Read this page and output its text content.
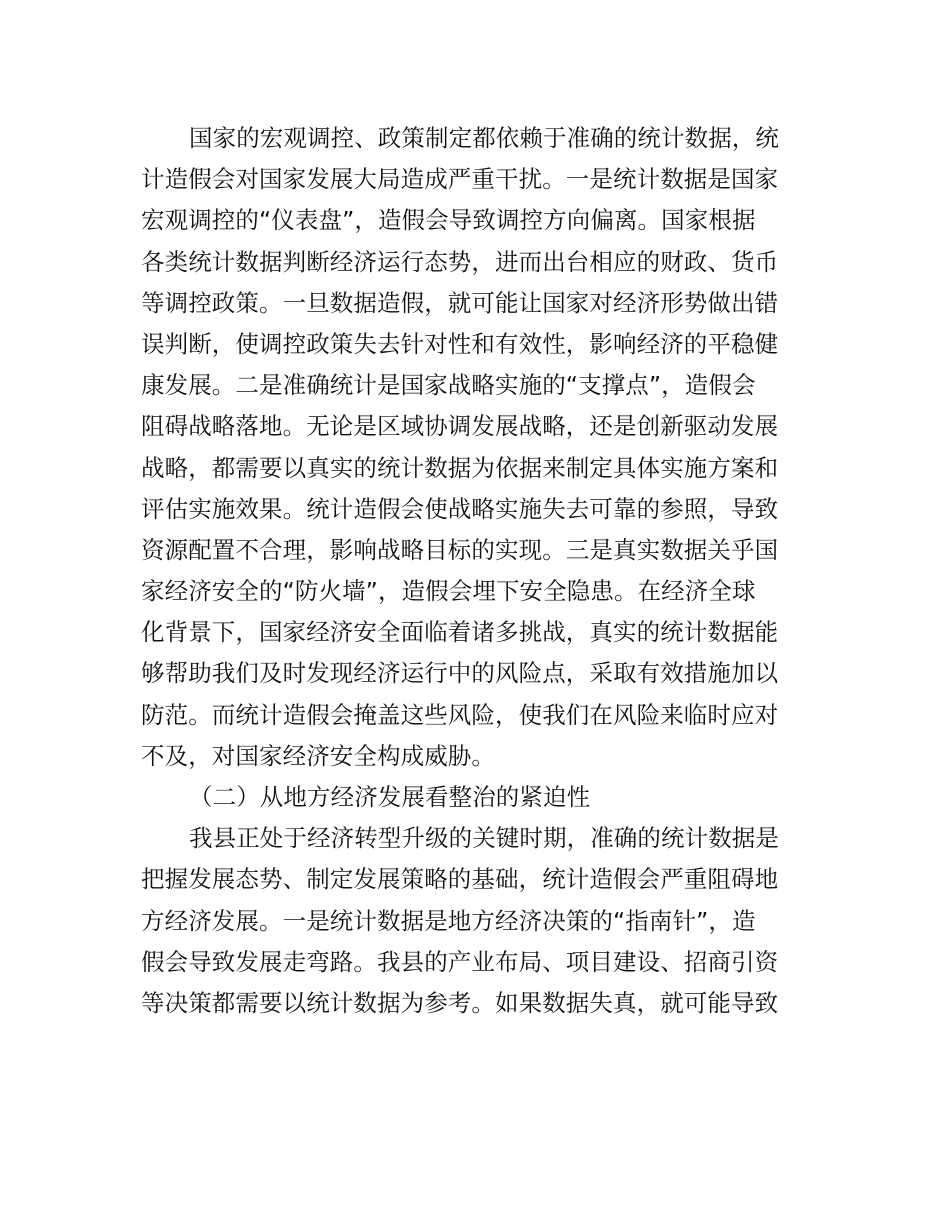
国家的宏观调控、政策制定都依赖于准确的统计数据，统
计造假会对国家发展大局造成严重干扰。一是统计数据是国家
宏观调控的“仪表盘”，造假会导致调控方向偏离。国家根据
各类统计数据判断经济运行态势，进而出台相应的财政、货币
等调控政策。一旦数据造假，就可能让国家对经济形势做出错
误判断，使调控政策失去针对性和有效性，影响经济的平稳健
康发展。二是准确统计是国家战略实施的“支撑点”，造假会
阻碍战略落地。无论是区域协调发展战略，还是创新驱动发展
战略，都需要以真实的统计数据为依据来制定具体实施方案和
评估实施效果。统计造假会使战略实施失去可靠的参照，导致
资源配置不合理，影响战略目标的实现。三是真实数据关乎国
家经济安全的“防火墙”，造假会埋下安全隐患。在经济全球
化背景下，国家经济安全面临着诸多挑战，真实的统计数据能
够帮助我们及时发现经济运行中的风险点，采取有效措施加以
防范。而统计造假会掩盖这些风险，使我们在风险来临时应对
不及，对国家经济安全构成威胁。
（二）从地方经济发展看整治的紧迫性
我县正处于经济转型升级的关键时期，准确的统计数据是
把握发展态势、制定发展策略的基础，统计造假会严重阻碍地
方经济发展。一是统计数据是地方经济决策的“指南针”，造
假会导致发展走弯路。我县的产业布局、项目建设、招商引资
等决策都需要以统计数据为参考。如果数据失真，就可能导致
